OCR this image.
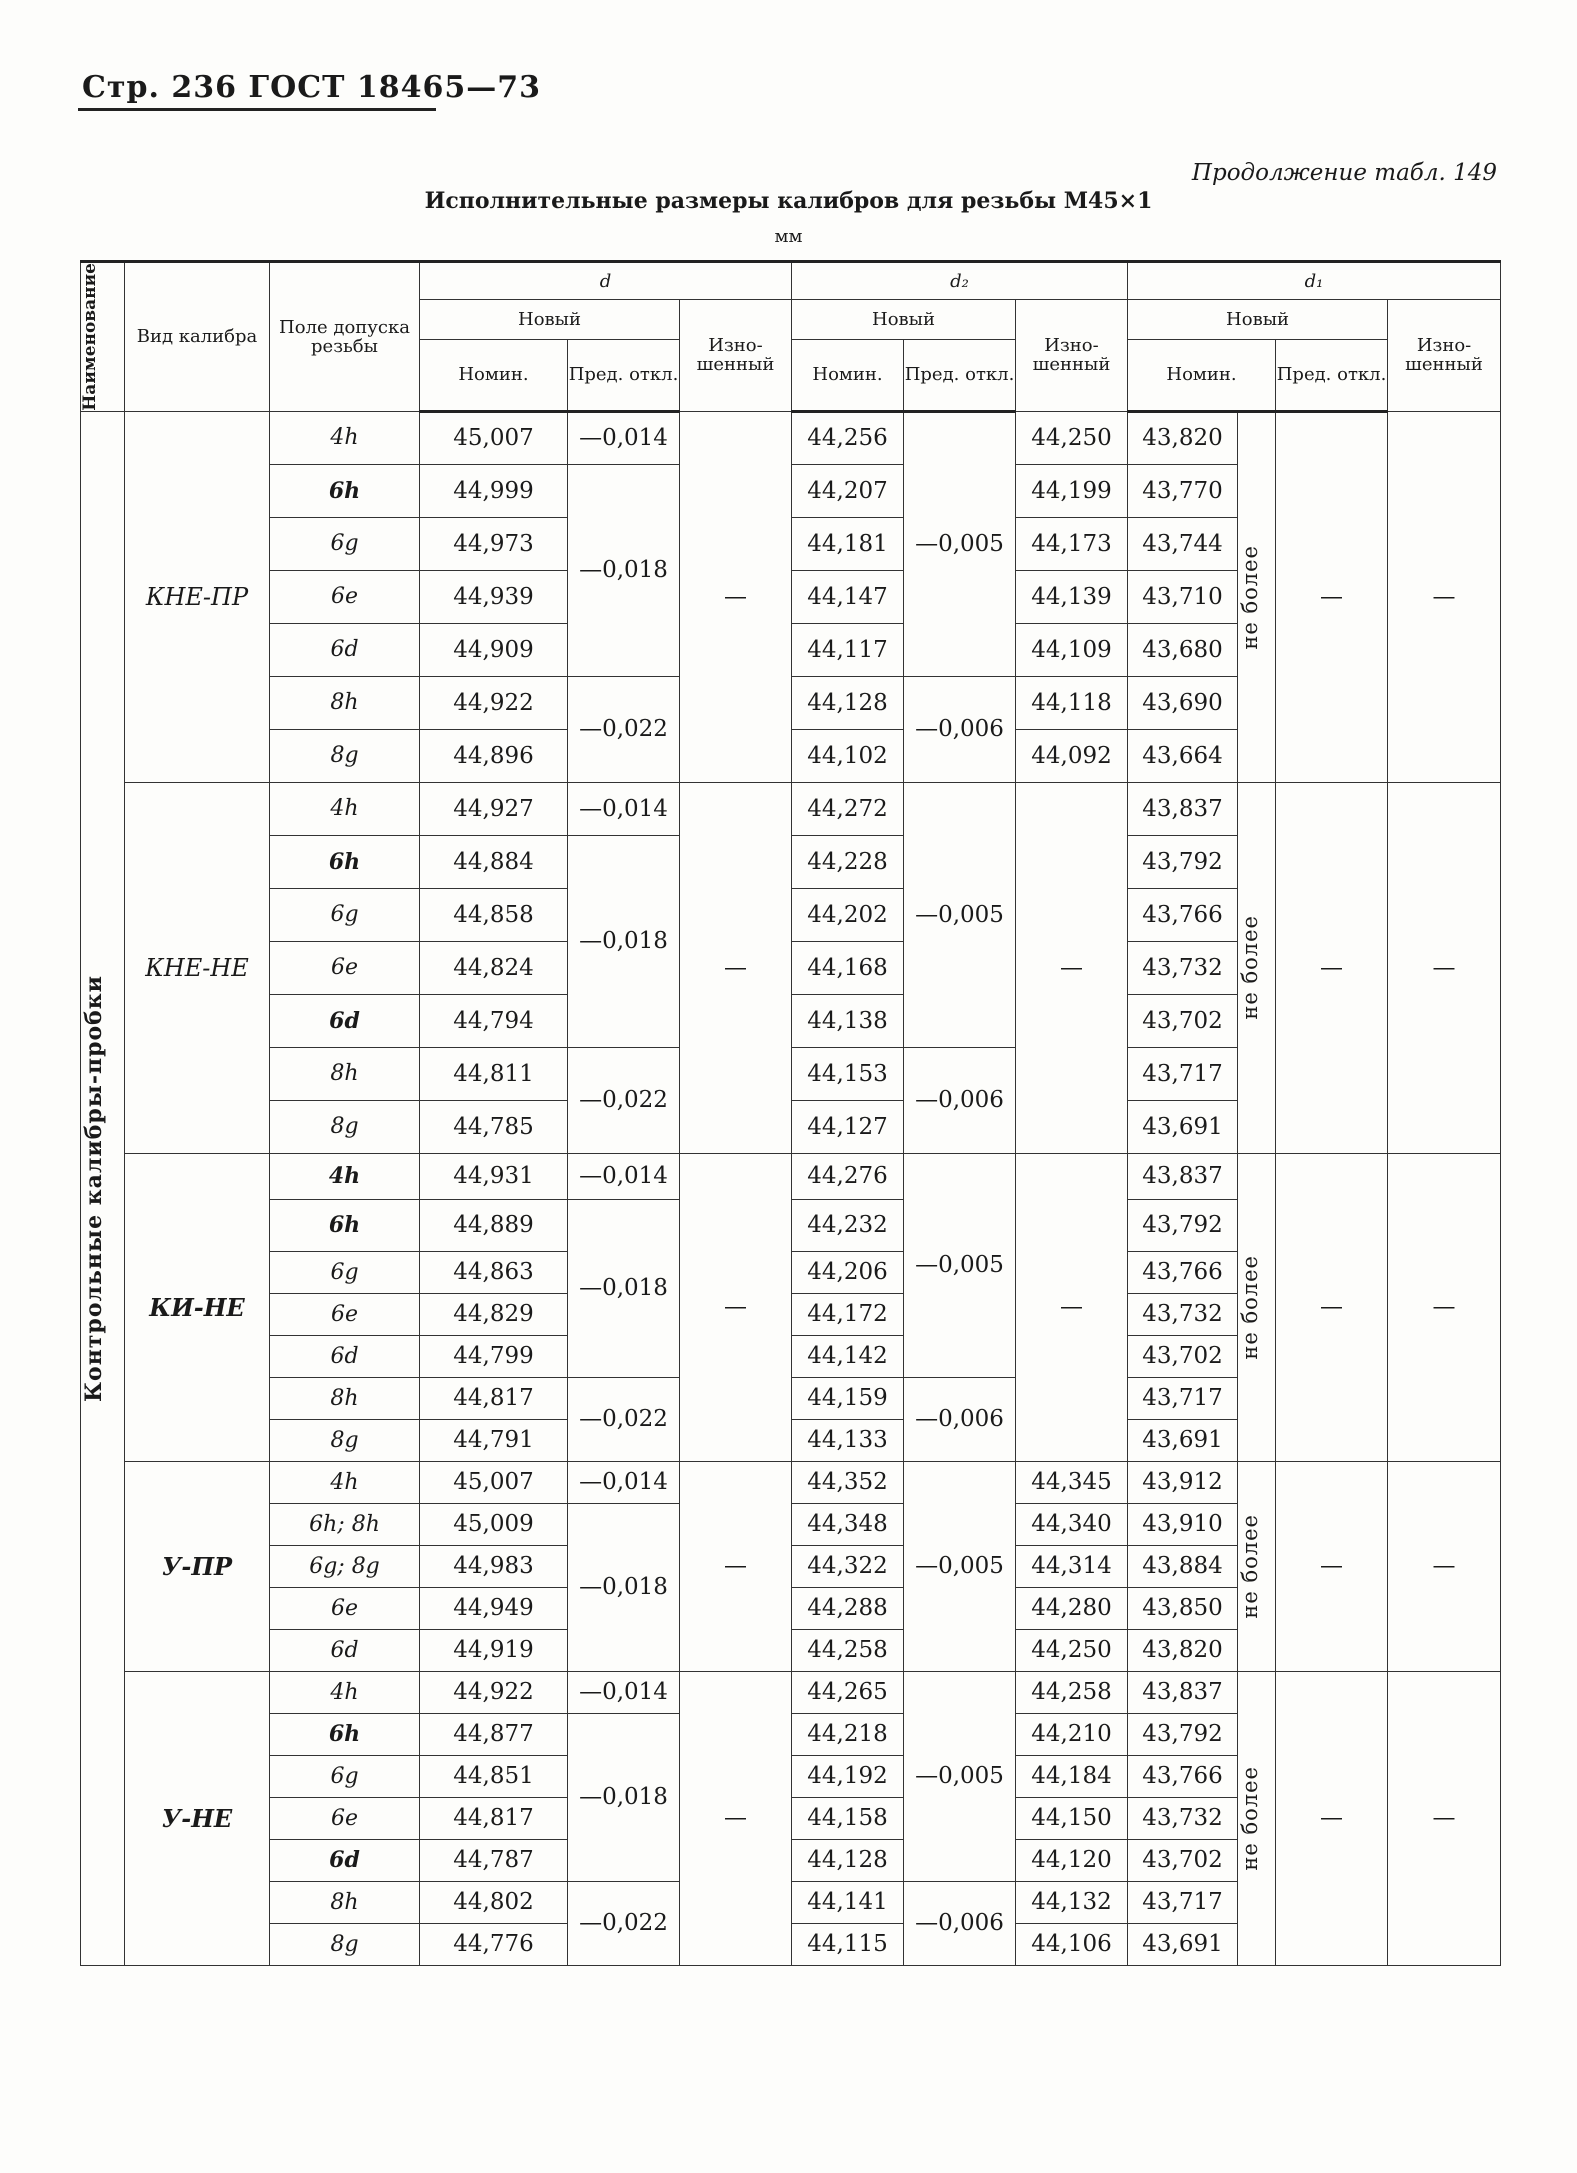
Стр. 236 ГОСТ 18465—73
Продолжение табл. 149
Исполнительные размеры калибров для резьбы М45×1
мм
Наименование	Вид калибра	Поле допуска резьбы	d			d₂			d₁			
			Новый		Изно-шенный	Новый		Изно-шенный	Новый			Изно-шенный
			Номин.	Пред. откл.		Номин.	Пред. откл.		Номин.		Пред. откл.	

Контрольные калибры-пробки	КНЕ-ПР	4h	45,007	—0,014	—	44,256	—0,005	44,250	43,820	не более	—	—
		6h	44,999	—0,018		44,207		44,199	43,770			
		6g	44,973			44,181		44,173	43,744			
		6e	44,939			44,147		44,139	43,710			
		6d	44,909			44,117		44,109	43,680			
		8h	44,922	—0,022		44,128	—0,006	44,118	43,690			
		8g	44,896			44,102		44,092	43,664			
	КНЕ-НЕ	4h	44,927	—0,014	—	44,272	—0,005	—	43,837	не более	—	—
		6h	44,884	—0,018		44,228			43,792			
		6g	44,858			44,202			43,766			
		6e	44,824			44,168			43,732			
		6d	44,794			44,138			43,702			
		8h	44,811	—0,022		44,153	—0,006		43,717			
		8g	44,785			44,127			43,691			
	КИ-НЕ	4h	44,931	—0,014	—	44,276	—0,005	—	43,837	не более	—	—
		6h	44,889	—0,018		44,232			43,792			
		6g	44,863			44,206			43,766			
		6e	44,829			44,172			43,732			
		6d	44,799			44,142			43,702			
		8h	44,817	—0,022		44,159	—0,006		43,717			
		8g	44,791			44,133			43,691			
	У-ПР	4h	45,007	—0,014	—	44,352	—0,005	44,345	43,912	не более	—	—
		6h; 8h	45,009	—0,018		44,348		44,340	43,910			
		6g; 8g	44,983			44,322		44,314	43,884			
		6e	44,949			44,288		44,280	43,850			
		6d	44,919			44,258		44,250	43,820			
	У-НЕ	4h	44,922	—0,014	—	44,265	—0,005	44,258	43,837	не более	—	—
		6h	44,877	—0,018		44,218		44,210	43,792			
		6g	44,851			44,192		44,184	43,766			
		6e	44,817			44,158		44,150	43,732			
		6d	44,787			44,128		44,120	43,702			
		8h	44,802	—0,022		44,141	—0,006	44,132	43,717			
		8g	44,776			44,115		44,106	43,691			
